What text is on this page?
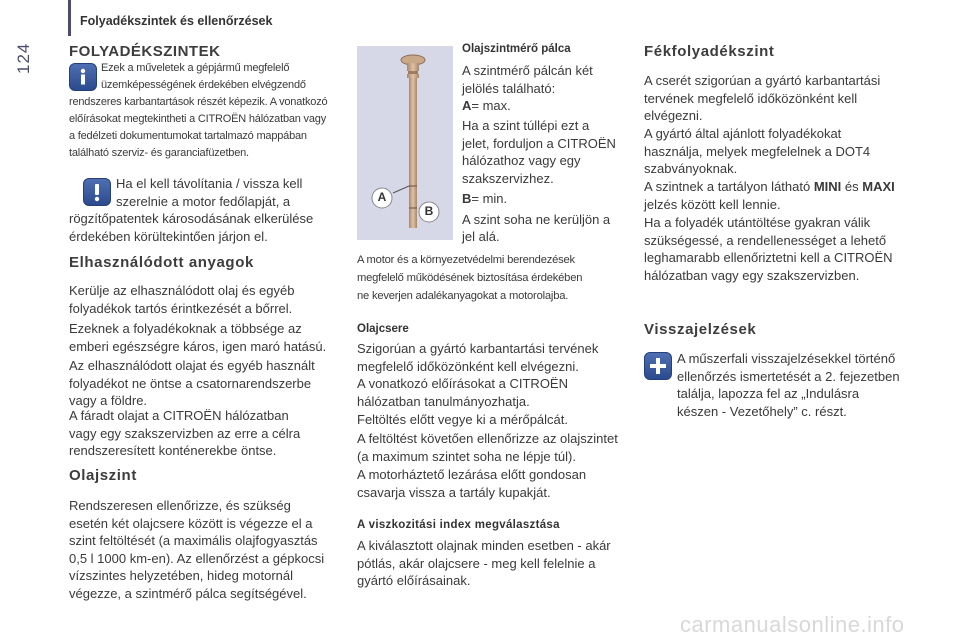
124
Folyadékszintek és ellenőrzések
FOLYADÉKSZINTEK
Ezek a műveletek a gépjármű megfelelő
üzemképességének érdekében elvégzendő
rendszeres karbantartások részét képezik. A vonatkozó
előírásokat megtekintheti a CITROËN hálózatban vagy
a fedélzeti dokumentumokat tartalmazó mappában
található szerviz- és garanciafüzetben.
Ha el kell távolítania / vissza kell
szerelnie a motor fedőlapját, a
rögzítőpatentek károsodásának elkerülése
érdekében körültekintően járjon el.
Elhasználódott anyagok
Kerülje az elhasználódott olaj és egyéb
folyadékok tartós érintkezését a bőrrel.
Ezeknek a folyadékoknak a többsége az
emberi egészségre káros, igen maró hatású.
Az elhasználódott olajat és egyéb használt
folyadékot ne öntse a csatornarendszerbe
vagy a földre.
A fáradt olajat a CITROËN hálózatban
vagy egy szakszervizben az erre a célra
rendszeresített konténerekbe öntse.
Olajszint
Rendszeresen ellenőrizze, és szükség
esetén két olajcsere között is végezze el a
szint feltöltését (a maximális olajfogyasztás
0,5 l 1000 km-en). Az ellenőrzést a gépkocsi
vízszintes helyzetében, hideg motornál
végezze, a szintmérő pálca segítségével.
A
B
Olajszintmérő pálca
A szintmérő pálcán két
jelölés található:
A= max.
Ha a szint túllépi ezt a
jelet, forduljon a CITROËN
hálózathoz vagy egy
szakszervizhez.
B= min.
A szint soha ne kerüljön a
jel alá.
A motor és a környezetvédelmi berendezések
megfelelő működésének biztosítása érdekében
ne keverjen adalékanyagokat a motorolajba.
Olajcsere
Szigorúan a gyártó karbantartási tervének
megfelelő időközönként kell elvégezni.
A vonatkozó előírásokat a CITROËN
hálózatban tanulmányozhatja.
Feltöltés előtt vegye ki a mérőpálcát.
A feltöltést követően ellenőrizze az olajszintet
(a maximum szintet soha ne lépje túl).
A motorháztető lezárása előtt gondosan
csavarja vissza a tartály kupakját.
A viszkozitási index megválasztása
A kiválasztott olajnak minden esetben - akár
pótlás, akár olajcsere - meg kell felelnie a
gyártó előírásainak.
Fékfolyadékszint
A cserét szigorúan a gyártó karbantartási
tervének megfelelő időközönként kell
elvégezni.
A gyártó által ajánlott folyadékokat
használja, melyek megfelelnek a DOT4
szabványoknak.
A szintnek a tartályon látható MINI és MAXI
jelzés között kell lennie.
Ha a folyadék utántöltése gyakran válik
szükségessé, a rendellenességet a lehető
leghamarabb ellenőriztetni kell a CITROËN
hálózatban vagy egy szakszervizben.
Visszajelzések
A műszerfali visszajelzésekkel történő
ellenőrzés ismertetését a 2. fejezetben
találja, lapozza fel az „Indulásra
készen - Vezetőhely” c. részt.
carmanualsonline.info
